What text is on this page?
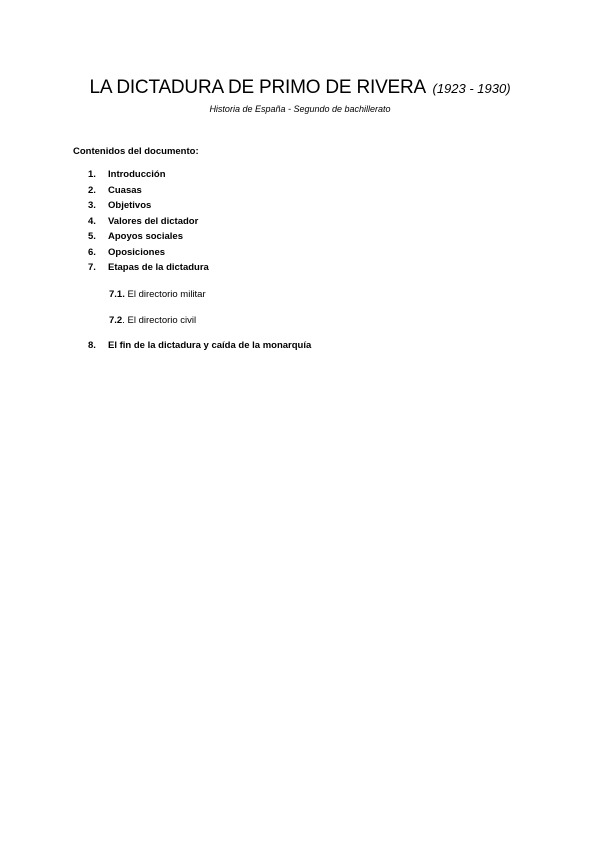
LA DICTADURA DE PRIMO DE RIVERA (1923 - 1930)
Historia de España - Segundo de bachillerato
Contenidos del documento:
1. Introducción
2. Cuasas
3. Objetivos
4. Valores del dictador
5. Apoyos sociales
6. Oposiciones
7. Etapas de la dictadura
7.1. El directorio militar
7.2. El directorio civil
8. El fin de la dictadura y caída de la monarquía
